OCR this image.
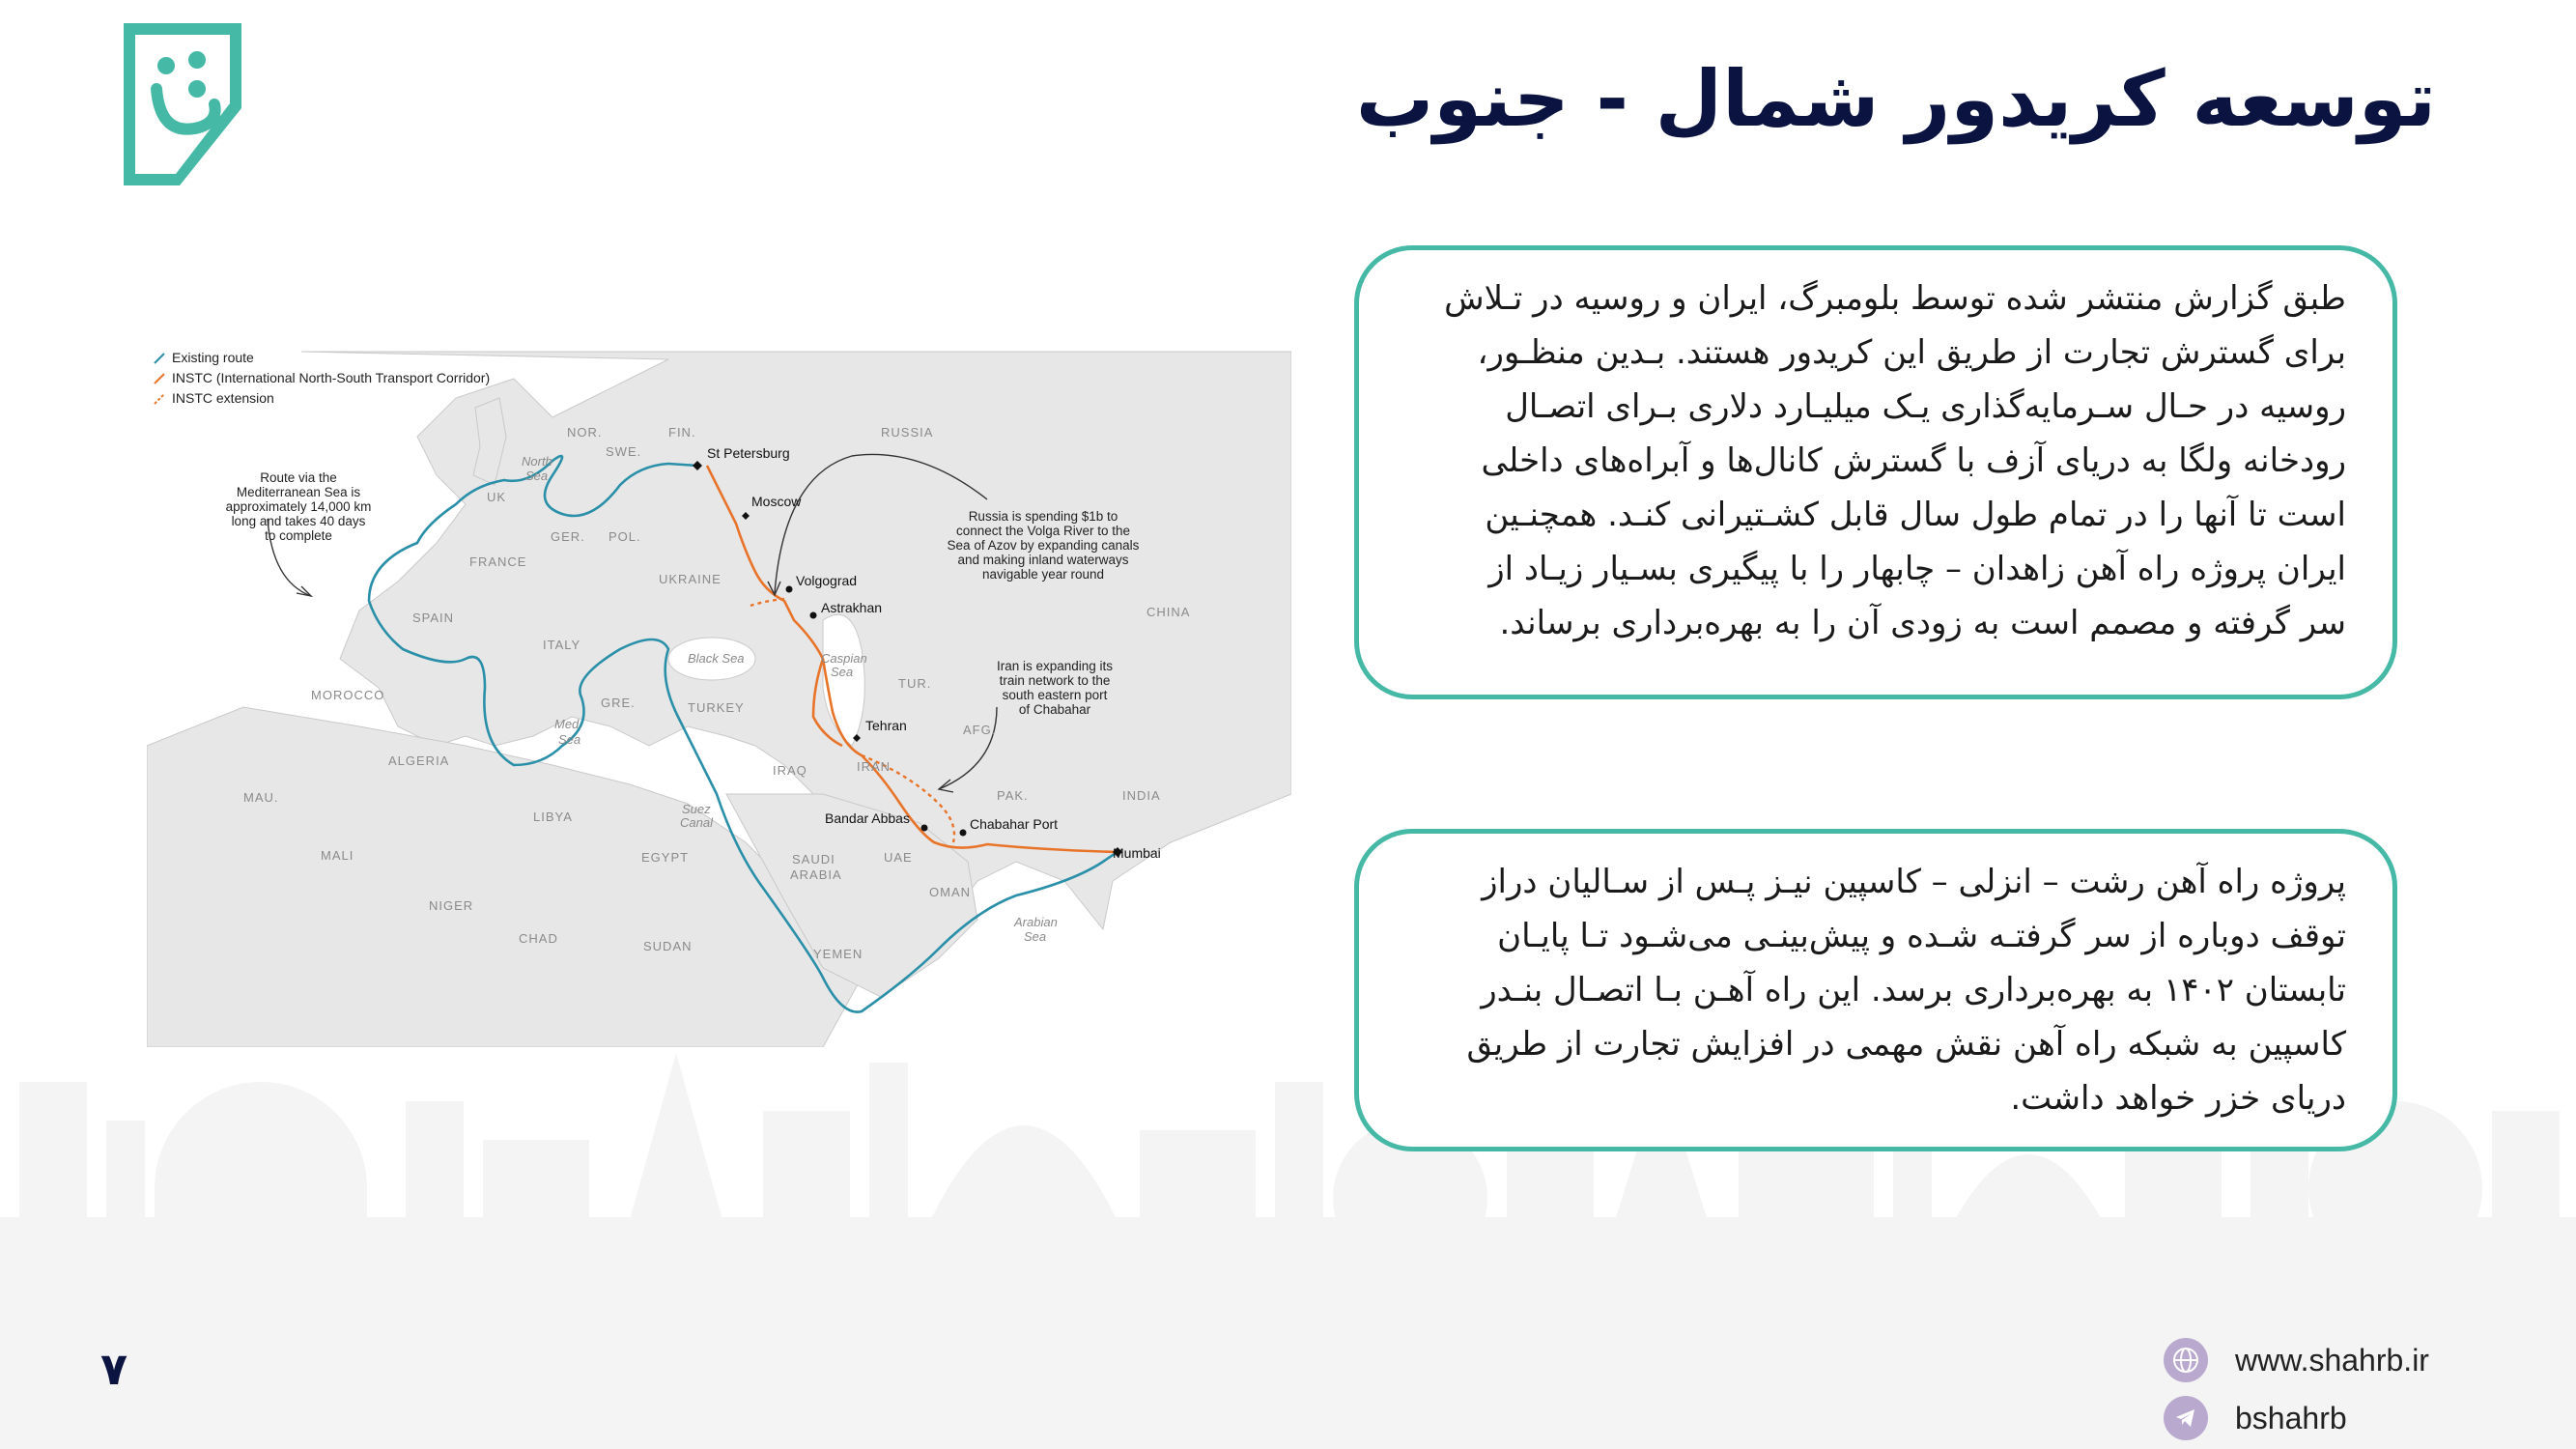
توسعه کریدور شمال - جنوب
طبق گزارش منتشر شده توسط بلومبرگ، ایران و روسیه در تـلاش
برای گسترش تجارت از طریق این کریدور هستند. بـدین منظـور،
روسیه در حـال سـرمایه‌گذاری یـک میلیـارد دلاری بـرای اتصـال
رودخانه ولگا به دریای آزف با گسترش کانال‌ها و آبراه‌های داخلی
است تا آنها را در تمام طول سال قابل کشـتیرانی کنـد. همچنـین
ایران پروژه راه آهن زاهدان – چابهار را با پیگیری بسـیار زیـاد از
سر گرفته و مصمم است به زودی آن را به بهره‌برداری برساند.
پروژه راه آهن رشت – انزلی – کاسپین نیـز پـس از سـالیان دراز
توقف دوباره از سر گرفتـه شـده و پیش‌بینـی می‌شـود تـا پایـان
تابستان ۱۴۰۲ به بهره‌برداری برسد. این راه آهـن بـا اتصـال بنـدر
کاسپین به شبکه راه آهن نقش مهمی در افزایش تجارت از طریق
دریای خزر خواهد داشت.
Existing route
INSTC (International North-South Transport Corridor)
INSTC extension
NOR.
SWE.
FIN.	RUSSIA
UK
GER. POL.
FRANCE
UKRAINE
SPAIN
ITALY
GRE.	TURKEY
MOROCCO
ALGERIA
LIBYA
EGYPT
IRAQ	IRAN
SAUDI
ARABIA
UAE
OMAN
YEMEN
SUDAN
CHAD
NIGER
MALI
MAU.
TUR.
AFG.
PAK.	INDIA
CHINA
North
Sea
Black Sea	Caspian
Sea
Med.
Sea
Suez
Canal
Arabian
Sea
St Petersburg
Moscow
Volgograd
Astrakhan
Tehran
Bandar Abbas	Chabahar Port
Mumbai
Route via the
Mediterranean Sea is
approximately 14,000 km
long and takes 40 days
to complete
Russia is spending $1b to
connect the Volga River to the
Sea of Azov by expanding canals
and making inland waterways
navigable year round
Iran is expanding its
train network to the
south eastern port
of Chabahar
۷	www.shahrb.ir
bshahrb
